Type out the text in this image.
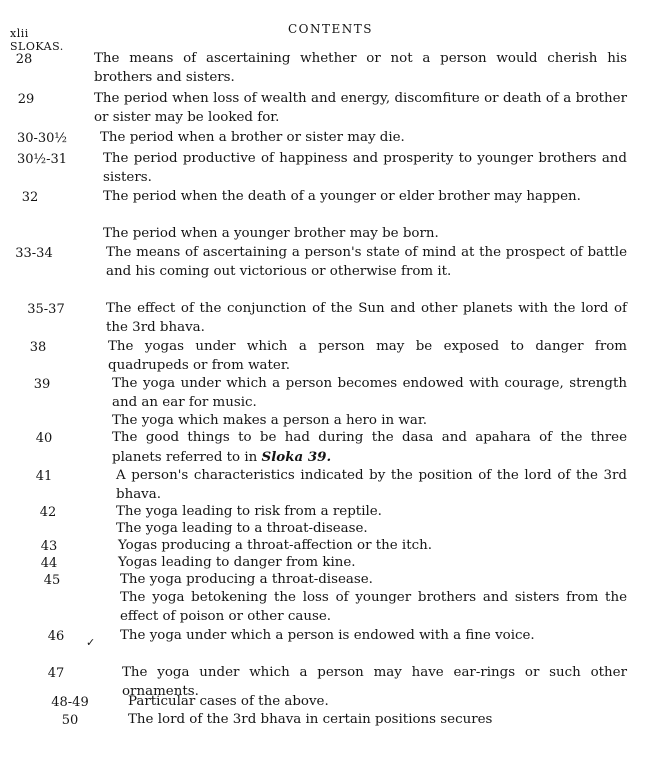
xlii	CONTENTS
SLOKAS.
28	The means of ascertaining whether or not a person would cherish his brothers and sisters.
29	The period when loss of wealth and energy, discomfiture or death of a brother or sister may be looked for.
30-30½	The period when a brother or sister may die.
30½-31	The period productive of happiness and prosperity to younger brothers and sisters.
32	The period when the death of a younger or elder brother may happen.
The period when a younger brother may be born.
33-34	The means of ascertaining a person's state of mind at the prospect of battle and his coming out victorious or otherwise from it.
35-37	The effect of the conjunction of the Sun and other planets with the lord of the 3rd bhava.
38	The yogas under which a person may be exposed to danger from quadrupeds or from water.
39	The yoga under which a person becomes endowed with courage, strength and an ear for music.
The yoga which makes a person a hero in war.
40	The good things to be had during the dasa and apahara of the three planets referred to in Sloka 39.
41	A person's characteristics indicated by the position of the lord of the 3rd bhava.
42	The yoga leading to risk from a reptile.
The yoga leading to a throat-disease.
43	Yogas producing a throat-affection or the itch.
44	Yogas leading to danger from kine.
45	The yoga producing a throat-disease.
The yoga betokening the loss of younger brothers and sisters from the effect of poison or other cause.
46	The yoga under which a person is endowed with a fine voice.
47	The yoga under which a person may have ear-rings or such other ornaments.
48-49	Particular cases of the above.
50	The lord of the 3rd bhava in certain positions secures
✓
